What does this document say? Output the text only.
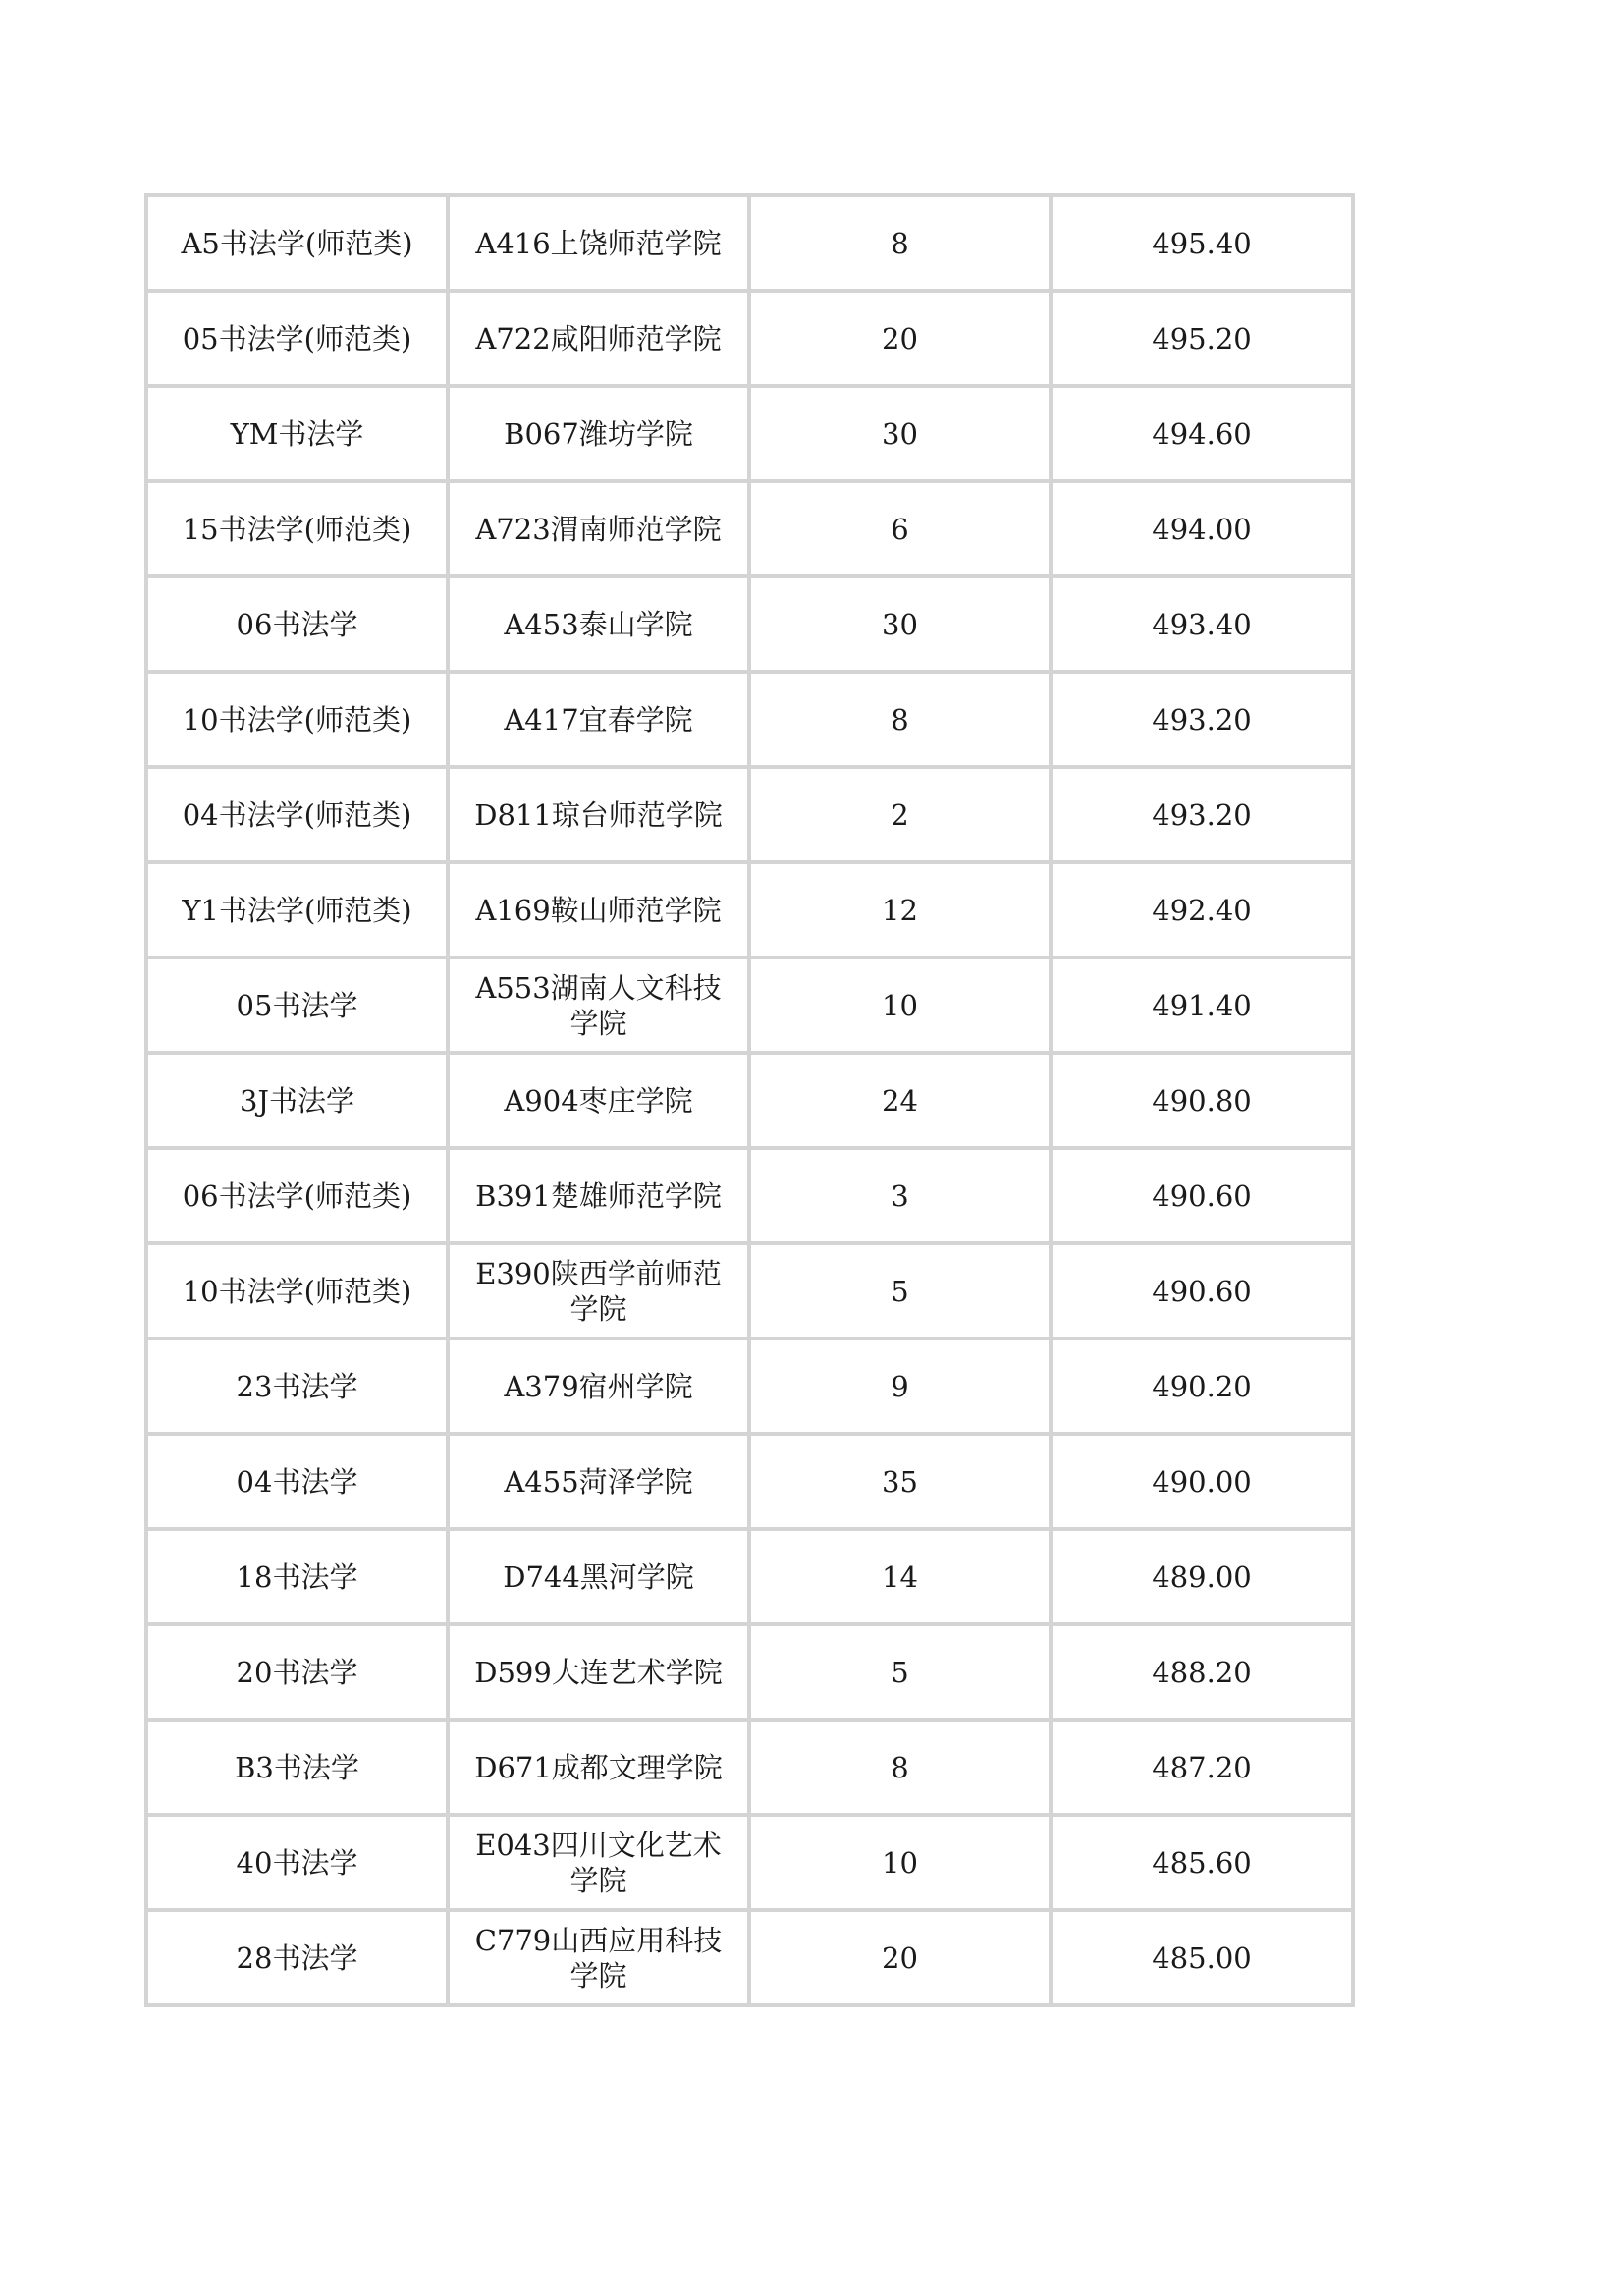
A5书法学(师范类)	A416上饶师范学院	8	495.40
05书法学(师范类)	A722咸阳师范学院	20	495.20
YM书法学	B067潍坊学院	30	494.60
15书法学(师范类)	A723渭南师范学院	6	494.00
06书法学	A453泰山学院	30	493.40
10书法学(师范类)	A417宜春学院	8	493.20
04书法学(师范类)	D811琼台师范学院	2	493.20
Y1书法学(师范类)	A169鞍山师范学院	12	492.40
05书法学	A553湖南人文科技学院	10	491.40
3J书法学	A904枣庄学院	24	490.80
06书法学(师范类)	B391楚雄师范学院	3	490.60
10书法学(师范类)	E390陕西学前师范学院	5	490.60
23书法学	A379宿州学院	9	490.20
04书法学	A455菏泽学院	35	490.00
18书法学	D744黑河学院	14	489.00
20书法学	D599大连艺术学院	5	488.20
B3书法学	D671成都文理学院	8	487.20
40书法学	E043四川文化艺术学院	10	485.60
28书法学	C779山西应用科技学院	20	485.00
